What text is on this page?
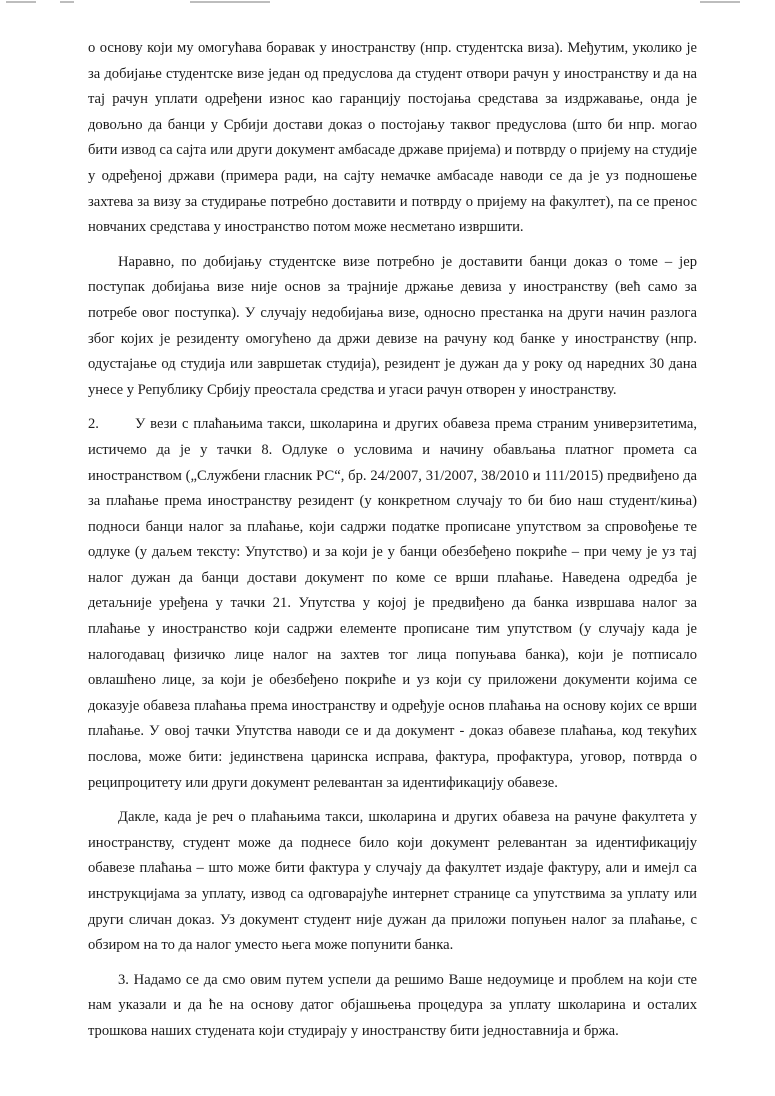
о основу који му омогућава боравак у иностранству (нпр. студентска виза). Међутим, уколико је за добијање студентске визе један од предуслова да студент отвори рачун у иностранству и да на тај рачун уплати одређени износ као гаранцију постојања средстава за издржавање, онда је довољно да банци у Србији достави доказ о постојању таквог предуслова (што би нпр. могао бити извод са сајта или други документ амбасаде државе пријема) и потврду о пријему на студије у одређеној држави (примера ради, на сајту немачке амбасаде наводи се да је уз подношење захтева за визу за студирање потребно доставити и потврду о пријему на факултет), па се пренос новчаних средстава у иностранство потом може несметано извршити.

Наравно, по добијању студентске визе потребно је доставити банци доказ о томе – јер поступак добијања визе није основ за трајније држање девиза у иностранству (већ само за потребе овог поступка). У случају недобијања визе, односно престанка на други начин разлога због којих је резиденту омогућено да држи девизе на рачуну код банке у иностранству (нпр. одустајање од студија или завршетак студија), резидент је дужан да у року од наредних 30 дана унесе у Републику Србију преостала средства и угаси рачун отворен у иностранству.

2. У вези с плаћањима такси, школарина и других обавеза према страним универзитетима, истичемо да је у тачки 8. Одлуке о условима и начину обављања платног промета са иностранством („Службени гласник РС“, бр. 24/2007, 31/2007, 38/2010 и 111/2015) предвиђено да за плаћање према иностранству резидент (у конкретном случају то би био наш студент/киња) подноси банци налог за плаћање, који садржи податке прописане упутством за спровођење те одлуке (у даљем тексту: Упутство) и за који је у банци обезбеђено покриће – при чему је уз тај налог дужан да банци достави документ по коме се врши плаћање. Наведена одредба је детаљније уређена у тачки 21. Упутства у којој је предвиђено да банка извршава налог за плаћање у иностранство који садржи елементе прописане тим упутством (у случају када је налогодавац физичко лице налог на захтев тог лица попуњава банка), који је потписало овлашћено лице, за који је обезбеђено покриће и уз који су приложени документи којима се доказује обавеза плаћања према иностранству и одређује основ плаћања на основу којих се врши плаћање. У овој тачки Упутства наводи се и да документ - доказ обавезе плаћања, код текућих послова, може бити: јединствена царинска исправа, фактура, профактура, уговор, потврда о реципроцитету или други документ релевантан за идентификацију обавезе.

Дакле, када је реч о плаћањима такси, школарина и других обавеза на рачуне факултета у иностранству, студент може да поднесе било који документ релевантан за идентификацију обавезе плаћања – што може бити фактура у случају да факултет издаје фактуру, али и имејл са инструкцијама за уплату, извод са одговарајуће интернет странице са упутствима за уплату или други сличан доказ. Уз документ студент није дужан да приложи попуњен налог за плаћање, с обзиром на то да налог уместо њега може попунити банка.

3. Надамо се да смо овим путем успели да решимо Ваше недоумице и проблем на који сте нам указали и да ће на основу датог објашњења процедура за уплату школарина и осталих трошкова наших студената који студирају у иностранству бити једноставнија и бржа.
